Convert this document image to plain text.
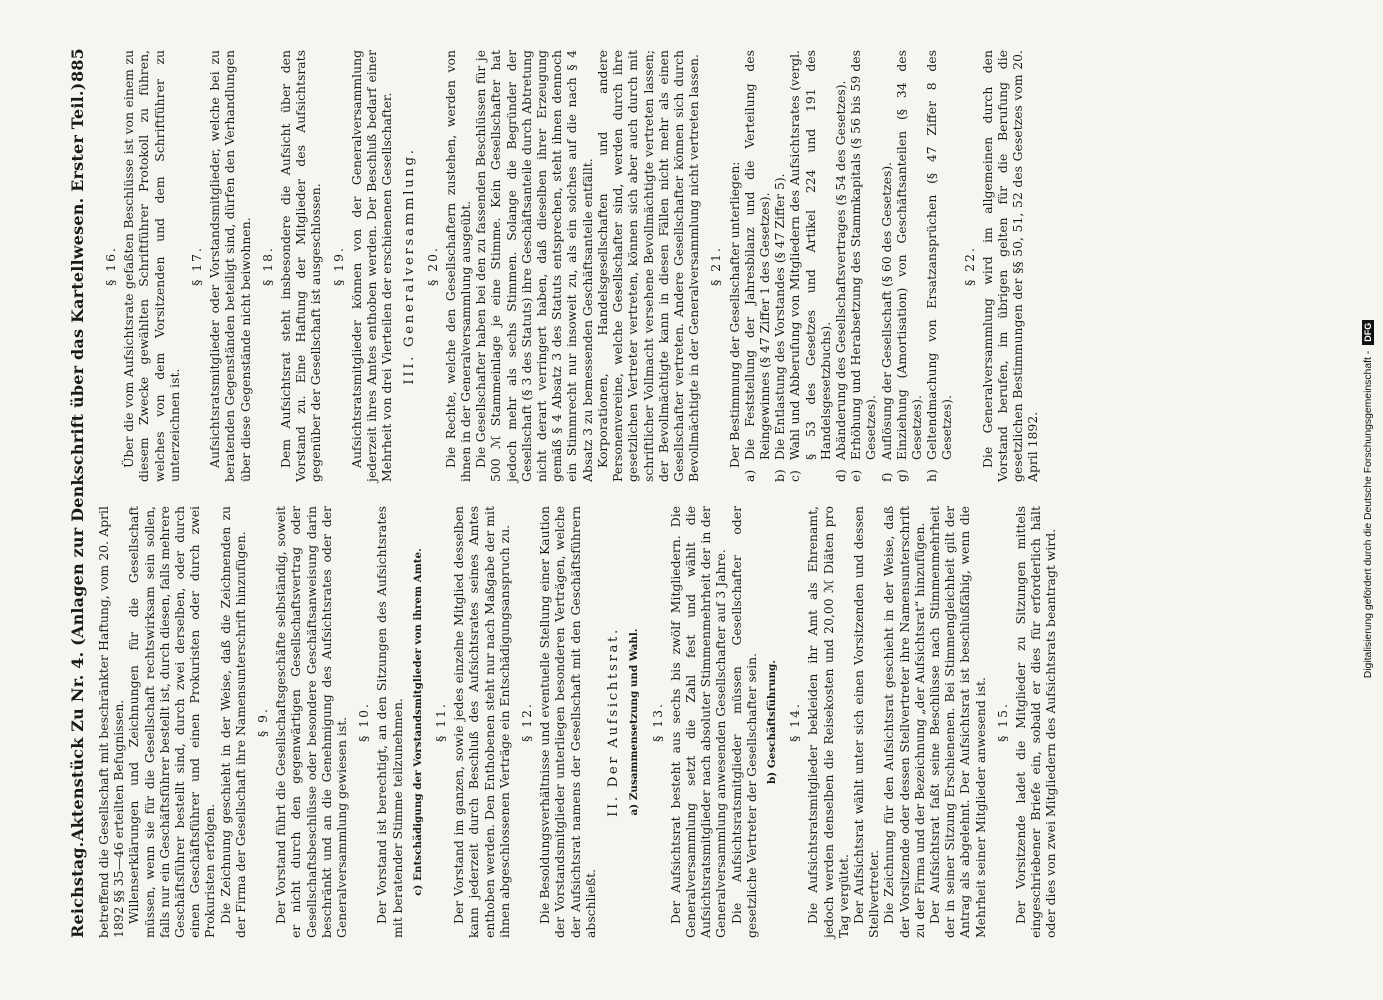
Reichstag.
Aktenstück Zu Nr. 4. (Anlagen zur Denkschrift über das Kartellwesen. Erster Teil.)
885

betreffend die Gesellschaft mit beschränkter Haftung, vom 20. April 1892 §§ 35—46 erteilten Befugnissen. Willenserklärungen und Zeichnungen für die Gesellschaft müssen, wenn sie für die Gesellschaft rechtswirksam sein sollen, falls nur ein Geschäftsführer bestellt ist, durch diesen, falls mehrere Geschäftsführer bestellt sind, durch zwei derselben, oder durch einen Geschäftsführer und einen Prokuristen oder durch zwei Prokuristen erfolgen. Die Zeichnung geschieht in der Weise, daß die Zeichnenden zu der Firma der Gesellschaft ihre Namensunterschrift hinzufügen. § 9. Der Vorstand führt die Gesellschaftsgeschäfte selbständig, soweit er nicht durch den gegenwärtigen Gesellschaftsvertrag oder Gesellschaftsbeschlüsse oder besondere Geschäftsanweisung darin beschränkt und an die Genehmigung des Aufsichtsrates oder der Generalversammlung gewiesen ist. § 10. Der Vorstand ist berechtigt, an den Sitzungen des Aufsichtsrates mit beratender Stimme teilzunehmen. c) Entschädigung der Vorstandsmitglieder von ihrem Amte. § 11. Der Vorstand im ganzen, sowie jedes einzelne Mitglied desselben kann jederzeit durch Beschluß des Aufsichtsrates seines Amtes enthoben werden. Den Enthobenen steht nur nach Maßgabe der mit ihnen abgeschlossenen Verträge ein Entschädigungsanspruch zu. § 12. Die Besoldungsverhältnisse und eventuelle Stellung einer Kaution der Vorstandsmitglieder unterliegen besonderen Verträgen, welche der Aufsichtsrat namens der Gesellschaft mit den Geschäftsführern abschließt.

II. Der Aufsichtsrat. a) Zusammensetzung und Wahl. § 13. Der Aufsichtsrat besteht aus sechs bis zwölf Mitgliedern. Die Generalversammlung setzt die Zahl fest und wählt die Aufsichtsratsmitglieder nach absoluter Stimmenmehrheit der in der Generalversammlung anwesenden Gesellschafter auf 3 Jahre. Die Aufsichtsratsmitglieder müssen Gesellschafter oder gesetzliche Vertreter der Gesellschafter sein. b) Geschäftsführung. § 14. Die Aufsichtsratsmitglieder bekleiden ihr Amt als Ehrenamt, jedoch werden denselben die Reisekosten und 20,00 ℳ Diäten pro Tag vergütet. Der Aufsichtsrat wählt unter sich einen Vorsitzenden und dessen Stellvertreter. Die Zeichnung für den Aufsichtsrat geschieht in der Weise, daß der Vorsitzende oder dessen Stellvertreter ihre Namensunterschrift zu der Firma und der Bezeichnung „der Aufsichtsrat“ hinzufügen. Der Aufsichtsrat faßt seine Beschlüsse nach Stimmenmehrheit der in seiner Sitzung Erschienenen. Bei Stimmengleichheit gilt der Antrag als abgelehnt. Der Aufsichtsrat ist beschlußfähig, wenn die Mehrheit seiner Mitglieder anwesend ist. § 15. Der Vorsitzende ladet die Mitglieder zu Sitzungen mittels eingeschriebener Briefe ein, sobald er dies für erforderlich hält oder dies von zwei Mitgliedern des Aufsichtsrats beantragt wird.

§ 16. Über die vom Aufsichtsrate gefaßten Beschlüsse ist von einem zu diesem Zwecke gewählten Schriftführer Protokoll zu führen, welches von dem Vorsitzenden und dem Schriftführer zu unterzeichnen ist.

§ 17. Aufsichtsratsmitglieder oder Vorstandsmitglieder, welche bei zu beratenden Gegenständen beteiligt sind, dürfen den Verhandlungen über diese Gegenstände nicht beiwohnen. § 18. Dem Aufsichtsrat steht insbesondere die Aufsicht über den Vorstand zu. Eine Haftung der Mitglieder des Aufsichtsrats gegenüber der Gesellschaft ist ausgeschlossen. § 19. Aufsichtsratsmitglieder können von der Generalversammlung jederzeit ihres Amtes enthoben werden. Der Beschluß bedarf einer Mehrheit von drei Vierteilen der erschienenen Gesellschafter. III. Generalversammlung. § 20. Die Rechte, welche den Gesellschaftern zustehen, werden von ihnen in der Generalversammlung ausgeübt. Die Gesellschafter haben bei den zu fassenden Beschlüssen für je 500 ℳ Stammeinlage je eine Stimme. Kein Gesellschafter hat jedoch mehr als sechs Stimmen. Solange die Begründer der Gesellschaft (§ 3 des Statuts) ihre Geschäftsanteile durch Abtretung nicht derart verringert haben, daß dieselben ihrer Erzeugung gemäß § 4 Absatz 3 des Statuts entsprechen, steht ihnen dennoch ein Stimmrecht nur insoweit zu, als ein solches auf die nach § 4 Absatz 3 zu bemessenden Geschäftsanteile entfällt. Korporationen, Handelsgesellschaften und andere Personenvereine, welche Gesellschafter sind, werden durch ihre gesetzlichen Vertreter vertreten, können sich aber auch durch mit schriftlicher Vollmacht versehene Bevollmächtigte vertreten lassen; der Bevollmächtigte kann in diesen Fällen nicht mehr als einen Gesellschafter vertreten. Andere Gesellschafter können sich durch Bevollmächtigte in der Generalversammlung nicht vertreten lassen. § 21. Der Bestimmung der Gesellschafter unterliegen:

a)
Die Feststellung der Jahresbilanz und die Verteilung des Reingewinnes (§ 47 Ziffer 1 des Gesetzes).
b)
Die Entlastung des Vorstandes (§ 47 Ziffer 5).
c)
Wahl und Abberufung von Mitgliedern des Aufsichtsrates (vergl. § 53 des Gesetzes und Artikel 224 und 191 des Handelsgesetzbuchs).
d)
Abänderung des Gesellschaftsvertrages (§ 54 des Gesetzes).
e)
Erhöhung und Herabsetzung des Stammkapitals (§ 56 bis 59 des Gesetzes).
f)
Auflösung der Gesellschaft (§ 60 des Gesetzes).
g)
Einziehung (Amortisation) von Geschäftsanteilen (§ 34 des Gesetzes).
h)
Geltendmachung von Ersatzansprüchen (§ 47 Ziffer 8 des Gesetzes).
§ 22. Die Generalversammlung wird im allgemeinen durch den Vorstand berufen, im übrigen gelten für die Berufung die gesetzlichen Bestimmungen der §§ 50, 51, 52 des Gesetzes vom 20. April 1892.	Digitalisierung gefördert durch die Deutsche Forschungsgemeinschaft -
DFG
